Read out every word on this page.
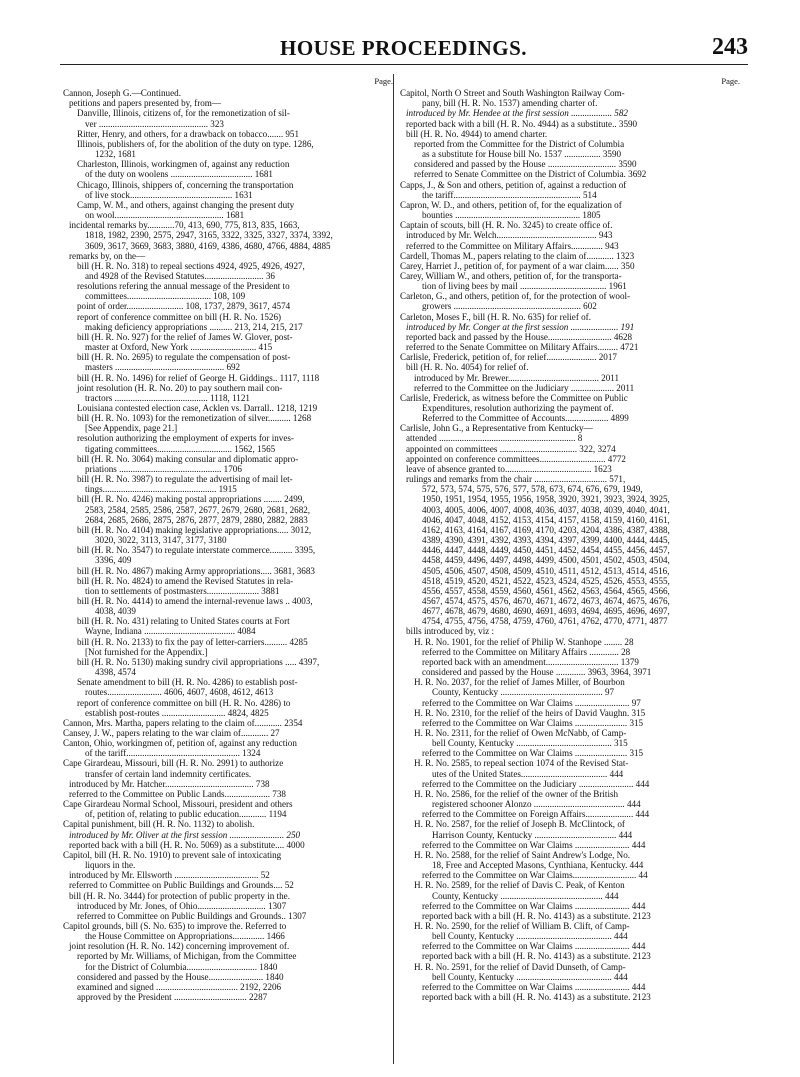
HOUSE PROCEEDINGS.	243
Page.
Cannon, Joseph G.—Continued.
petitions and papers presented by, from—
Danville, Illinois, citizens of, for the remonetization of sil-
ver ................................................ 323
Ritter, Henry, and others, for a drawback on tobacco....... 951
Illinois, publishers of, for the abolition of the duty on type. 1286,
1232, 1681
Charleston, Illinois, workingmen of, against any reduction
of the duty on woolens .................................... 1681
Chicago, Illinois, shippers of, concerning the transportation
of live stock............................................. 1631
Camp, W. M., and others, against changing the present duty
on wool................................................ 1681
incidental remarks by............70, 413, 690, 775, 813, 835, 1663,
1818, 1982, 2390, 2575, 2947, 3165, 3322, 3325, 3327, 3374, 3392,
3609, 3617, 3669, 3683, 3880, 4169, 4386, 4680, 4766, 4884, 4885
remarks by, on the—
bill (H. R. No. 318) to repeal sections 4924, 4925, 4926, 4927,
and 4928 of the Revised Statutes.......................... 36
resolutions refering the annual message of the President to
committees..................................... 108, 109
point of order......................... 108, 1737, 2879, 3617, 4574
report of conference committee on bill (H. R. No. 1526)
making deficiency appropriations .......... 213, 214, 215, 217
bill (H. R. No. 927) for the relief of James W. Glover, post-
master at Oxford, New York ............................. 415
bill (H. R. No. 2695) to regulate the compensation of post-
masters ................................................ 692
bill (H. R. No. 1496) for relief of George H. Giddings.. 1117, 1118
joint resolution (H. R. No. 20) to pay southern mail con-
tractors ......................................... 1118, 1121
Louisiana contested election case, Acklen vs. Darrall.. 1218, 1219
bill (H. R. No. 1093) for the remonetization of silver.......... 1268
[See Appendix, page 21.]
resolution authorizing the employment of experts for inves-
tigating committees................................. 1562, 1565
bill (H. R. No. 3064) making consular and diplomatic appro-
priations ............................................. 1706
bill (H. R. No. 3987) to regulate the advertising of mail let-
tings.................................................. 1915
bill (H. R. No. 4246) making postal appropriations ........ 2499,
2583, 2584, 2585, 2586, 2587, 2677, 2679, 2680, 2681, 2682,
2684, 2685, 2686, 2875, 2876, 2877, 2879, 2880, 2882, 2883
bill (H. R. No. 4104) making legislative appropriations..... 3012,
3020, 3022, 3113, 3147, 3177, 3180
bill (H. R. No. 3547) to regulate interstate commerce.......... 3395,
3396, 409
bill (H. R. No. 4867) making Army appropriations..... 3681, 3683
bill (H. R. No. 4824) to amend the Revised Statutes in rela-
tion to settlements of postmasters....................... 3881
bill (H. R. No. 4414) to amend the internal-revenue laws .. 4003,
4038, 4039
bill (H. R. No. 431) relating to United States courts at Fort
Wayne, Indiana ........................................ 4084
bill (H. R. No. 2133) to fix the pay of letter-carriers.......... 4285
[Not furnished for the Appendix.]
bill (H. R. No. 5130) making sundry civil appropriations ..... 4397,
4398, 4574
Senate amendment to bill (H. R. No. 4286) to establish post-
routes........................ 4606, 4607, 4608, 4612, 4613
report of conference committee on bill (H. R. No. 4286) to
establish post-routes ............................ 4824, 4825
Cannon, Mrs. Martha, papers relating to the claim of............ 2354
Cansey, J. W., papers relating to the war claim of............ 27
Canton, Ohio, workingmen of, petition of, against any reduction
of the tariff.................................................. 1324
Cape Girardeau, Missouri, bill (H. R. No. 2991) to authorize
transfer of certain land indemnity certificates.
introduced by Mr. Hatcher....................................... 738
referred to the Committee on Public Lands.................... 738
Cape Girardeau Normal School, Missouri, president and others
of, petition of, relating to public education............ 1194
Capital punishment, bill (H. R. No. 1132) to abolish.
introduced by Mr. Oliver at the first session ........................ 250
reported back with a bill (H. R. No. 5069) as a substitute.... 4000
Capitol, bill (H. R. No. 1910) to prevent sale of intoxicating
liquors in the.
introduced by Mr. Ellsworth ..................................... 52
referred to Committee on Public Buildings and Grounds.... 52
bill (H. R. No. 3444) for protection of public property in the.
introduced by Mr. Jones, of Ohio.............................. 1307
referred to Committee on Public Buildings and Grounds.. 1307
Capitol grounds, bill (S. No. 635) to improve the. Referred to
the House Committee on Appropriations.............. 1466
joint resolution (H. R. No. 142) concerning improvement of.
reported by Mr. Williams, of Michigan, from the Committee
for the District of Columbia............................... 1840
considered and passed by the House........................ 1840
examined and signed .................................... 2192, 2206
approved by the President ................................ 2287
Page.
Capitol, North O Street and South Washington Railway Com-
pany, bill (H. R. No. 1537) amending charter of.
introduced by Mr. Hendee at the first session .................. 582
reported back with a bill (H. R. No. 4944) as a substitute.. 3590
bill (H. R. No. 4944) to amend charter.
reported from the Committee for the District of Columbia
as a substitute for House bill No. 1537 ................ 3590
considered and passed by the House .............................. 3590
referred to Senate Committee on the District of Columbia. 3692
Capps, J., & Son and others, petition of, against a reduction of
the tariff........................................................ 514
Capron, W. D., and others, petition of, for the equalization of
bounties ....................................................... 1805
Captain of scouts, bill (H. R. No. 3245) to create office of.
introduced by Mr. Welch............................................ 943
referred to the Committee on Military Affairs.............. 943
Cardell, Thomas M., papers relating to the claim of............ 1323
Carey, Harriet J., petition of, for payment of a war claim...... 350
Carey, William W., and others, petition of, for the transporta-
tion of living bees by mail ...................................... 1961
Carleton, G., and others, petition of, for the protection of wool-
growers ........................................................ 602
Carleton, Moses F., bill (H. R. No. 635) for relief of.
introduced by Mr. Conger at the first session ..................... 191
reported back and passed by the House............................ 4628
referred to the Senate Committee on Military Affairs......... 4721
Carlisle, Frederick, petition of, for relief...................... 2017
bill (H. R. No. 4054) for relief of.
introduced by Mr. Brewer........................................ 2011
referred to the Committee on the Judiciary ................... 2011
Carlisle, Frederick, as witness before the Committee on Public
Expenditures, resolution authorizing the payment of.
Referred to the Committee of Accounts................... 4899
Carlisle, John G., a Representative from Kentucky—
attended ............................................................ 8
appointed on committees .................................. 322, 3274
appointed on conference committees............................. 4772
leave of absence granted to...................................... 1623
rulings and remarks from the chair ................................ 571,
572, 573, 574, 575, 576, 577, 578, 673, 674, 676, 679, 1949,
1950, 1951, 1954, 1955, 1956, 1958, 3920, 3921, 3923, 3924, 3925,
4003, 4005, 4006, 4007, 4008, 4036, 4037, 4038, 4039, 4040, 4041,
4046, 4047, 4048, 4152, 4153, 4154, 4157, 4158, 4159, 4160, 4161,
4162, 4163, 4164, 4167, 4169, 4170, 4203, 4204, 4386, 4387, 4388,
4389, 4390, 4391, 4392, 4393, 4394, 4397, 4399, 4400, 4444, 4445,
4446, 4447, 4448, 4449, 4450, 4451, 4452, 4454, 4455, 4456, 4457,
4458, 4459, 4496, 4497, 4498, 4499, 4500, 4501, 4502, 4503, 4504,
4505, 4506, 4507, 4508, 4509, 4510, 4511, 4512, 4513, 4514, 4516,
4518, 4519, 4520, 4521, 4522, 4523, 4524, 4525, 4526, 4553, 4555,
4556, 4557, 4558, 4559, 4560, 4561, 4562, 4563, 4564, 4565, 4566,
4567, 4574, 4575, 4576, 4670, 4671, 4672, 4673, 4674, 4675, 4676,
4677, 4678, 4679, 4680, 4690, 4691, 4693, 4694, 4695, 4696, 4697,
4754, 4755, 4756, 4758, 4759, 4760, 4761, 4762, 4770, 4771, 4877
bills introduced by, viz :
H. R. No. 1901, for the relief of Philip W. Stanhope ........ 28
referred to the Committee on Military Affairs ............. 28
reported back with an amendment................................ 1379
considered and passed by the House ............. 3963, 3964, 3971
H. R. No. 2037, for the relief of James Miller, of Bourbon
County, Kentucky ............................................. 97
referred to the Committee on War Claims ........................ 97
H. R. No. 2310, for the relief of the heirs of David Vaughn. 315
referred to the Committee on War Claims ....................... 315
H. R. No. 2311, for the relief of Owen McNabb, of Camp-
bell County, Kentucky .......................................... 315
referred to the Committee on War Claims ....................... 315
H. R. No. 2585, to repeal section 1074 of the Revised Stat-
utes of the United States...................................... 444
referred to the Committee on the Judiciary ........................ 444
H. R. No. 2586, for the relief of the owner of the British
registered schooner Alonzo ........................................ 444
referred to the Committee on Foreign Affairs..................... 444
H. R. No. 2587, for the relief of Joseph B. McClintock, of
Harrison County, Kentucky .................................... 444
referred to the Committee on War Claims ........................ 444
H. R. No. 2588, for the relief of Saint Andrew's Lodge, No.
18, Free and Accepted Masons, Cynthiana, Kentucky. 444
referred to the Committee on War Claims............................ 44
H. R. No. 2589, for the relief of Davis C. Peak, of Kenton
County, Kentucky ............................................. 444
referred to the Committee on War Claims ........................ 444
reported back with a bill (H. R. No. 4143) as a substitute. 2123
H. R. No. 2590, for the relief of William B. Clift, of Camp-
bell County, Kentucky .......................................... 444
referred to the Committee on War Claims ........................ 444
reported back with a bill (H. R. No. 4143) as a substitute. 2123
H. R. No. 2591, for the relief of David Dunseth, of Camp-
bell County, Kentucky .......................................... 444
referred to the Committee on War Claims ........................ 444
reported back with a bill (H. R. No. 4143) as a substitute. 2123
